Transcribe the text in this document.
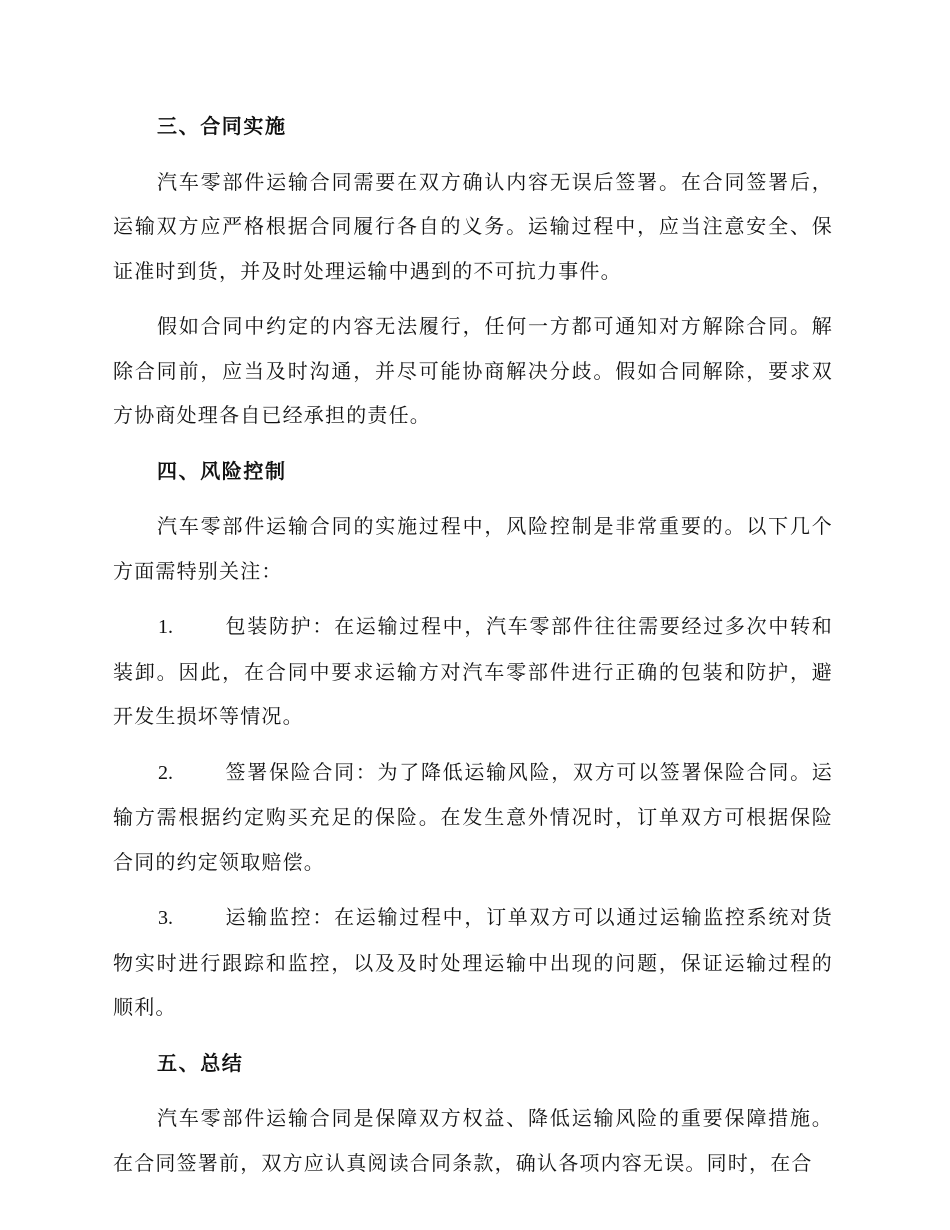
三、合同实施

汽车零部件运输合同需要在双方确认内容无误后签署。在合同签署后，运输双方应严格根据合同履行各自的义务。运输过程中，应当注意安全、保证准时到货，并及时处理运输中遇到的不可抗力事件。

假如合同中约定的内容无法履行，任何一方都可通知对方解除合同。解除合同前，应当及时沟通，并尽可能协商解决分歧。假如合同解除，要求双方协商处理各自已经承担的责任。

四、风险控制

汽车零部件运输合同的实施过程中，风险控制是非常重要的。以下几个方面需特别关注：

1.	包装防护：在运输过程中，汽车零部件往往需要经过多次中转和装卸。因此，在合同中要求运输方对汽车零部件进行正确的包装和防护，避开发生损坏等情况。

2.	签署保险合同：为了降低运输风险，双方可以签署保险合同。运输方需根据约定购买充足的保险。在发生意外情况时，订单双方可根据保险合同的约定领取赔偿。

3.	运输监控：在运输过程中，订单双方可以通过运输监控系统对货物实时进行跟踪和监控，以及及时处理运输中出现的问题，保证运输过程的顺利。

五、总结

汽车零部件运输合同是保障双方权益、降低运输风险的重要保障措施。在合同签署前，双方应认真阅读合同条款，确认各项内容无误。同时，在合
